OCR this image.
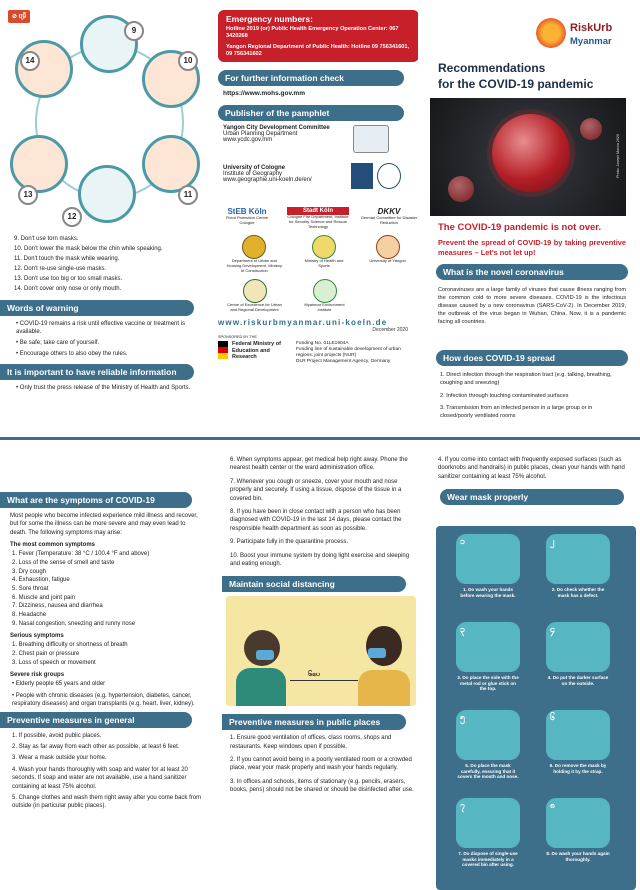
⊘ ម្រើ
14
9
10
13
12
11
9. Don't use torn masks.
10. Don't lower the mask below the chin while speaking.
11. Don't touch the mask while wearing.
12. Don't re-use single-use masks.
13. Don't use too big or too small masks.
14. Don't cover only nose or only mouth.
Words of warning
• COVID-19 remains a risk until effective vaccine or treatment is available.
• Be safe; take care of yourself.
• Encourage others to also obey the rules.
It is important to have reliable information
• Only trust the press release of the Ministry of Health and Sports.
Emergency numbers:
Hotline 2019 (or) Public Health Emergency Operation Center: 067 3420268
Yangon Regional Department of Public Health: Hotline 09 756341601, 09 756341602
For further information check
https://www.mohs.gov.mm
Publisher of the pamphlet
Yangon City Development Committee
Urban Planning Department
www.ycdc.gov.mm
University of Cologne
Institute of Geography
www.geographie.uni-koeln.de/en/
StEB Köln
Flood Protection Centre Cologne
Stadt Köln
Cologne Fire Department, Institute for Security Science and Rescue Technology
DKKV
German Committee for Disaster Reduction
Department of Urban and Housing Development, Ministry of Construction
Ministry of Health and Sports
University of Yangon
Centre of Excellence for Urban and Regional Development
Myanmar Environment Institute
www.riskurbmyanmar.uni-koeln.de
December 2020
SPONSORED BY THE
Federal Ministry of Education and Research
Funding No. 01LE1904A
Funding line of sustainable development of urban regions: joint projects (NUR)
DLR Project Management Agency, Germany
RiskUrb
Myanmar
Recommendations
for the COVID-19 pandemic
Photo: Joseph Mucira 2020
The COVID-19 pandemic is not over.
Prevent the spread of COVID-19 by taking preventive measures – Let's not let up!
What is the novel coronavirus
Coronaviruses are a large family of viruses that cause illness ranging from the common cold to more severe diseases. COVID-19 is the infectious disease caused by a new coronavirus (SARS-CoV-2). In December 2019, the outbreak of the virus began in Wuhan, China. Now, it is a pandemic facing all countries.
How does COVID-19 spread
1. Direct infection through the respiration tract (e.g. talking, breathing, coughing and sneezing)
2. Infection through touching contaminated surfaces
3. Transmission from an infected person in a large group or in closed/poorly ventilated rooms
What are the symptoms of COVID-19
Most people who become infected experience mild illness and recover, but for some the illness can be more severe and may even lead to death. The following symptoms may arise:
The most common symptoms
1. Fever (Temperature: 38 °C / 100.4 °F and above)
2. Loss of the sense of smell and taste
3. Dry cough
4. Exhaustion, fatigue
5. Sore throat
6. Muscle and joint pain
7. Dizziness, nausea and diarrhea
8. Headache
9. Nasal congestion, sneezing and runny nose
Serious symptoms
1. Breathing difficulty or shortness of breath
2. Chest pain or pressure
3. Loss of speech or movement
Severe risk groups
• Elderly people 65 years and older
• People with chronic diseases (e.g. hypertension, diabetes, cancer, respiratory diseases) and organ transplants (e.g. heart, liver, kidney).
Preventive measures in general
1. If possible, avoid public places.
2. Stay as far away from each other as possible, at least 6 feet.
3. Wear a mask outside your home.
4. Wash your hands thoroughly with soap and water for at least 20 seconds. If soap and water are not available, use a hand sanitizer containing at least 75% alcohol.
5. Change clothes and wash them right away after you come back from outside (in particular public places).
6. When symptoms appear, get medical help right away. Phone the nearest health center or the ward administration office.
7. Whenever you cough or sneeze, cover your mouth and nose properly and securely. If using a tissue, dispose of the tissue in a covered bin.
8. If you have been in close contact with a person who has been diagnosed with COVID-19 in the last 14 days, please contact the responsible health department as soon as possible.
9. Participate fully in the quarantine process.
10. Boost your immune system by doing light exercise and sleeping and eating enough.
Maintain social distancing
၆ပေ
Preventive measures in public places
1. Ensure good ventilation of offices, class rooms, shops and restaurants. Keep windows open if possible.
2. If you cannot avoid being in a poorly ventilated room or a crowded place, wear your mask properly and wash your hands regularly.
3. In offices and schools, items of stationary (e.g. pencils, erasers, books, pens) should not be shared or should be disinfected after use.
4. If you come into contact with frequently exposed surfaces (such as doorknobs and handrails) in public places, clean your hands with hand sanitizer containing at least 75% alcohol.
Wear mask properly
၁
1. Do wash your hands before wearing the mask.
၂
2. Do check whether the mask has a defect.
၃
3. Do place the side with the metal rod or glue stick on the top.
၄
4. Do put the darker surface on the outside.
၅
5. Do place the mask carefully, ensuring that it covers the mouth and nose.
၆
6. Do remove the mask by holding it by the strap.
၇
7. Do dispose of single-use masks immediately in a covered bin after using.
၈
8. Do wash your hands again thoroughly.
